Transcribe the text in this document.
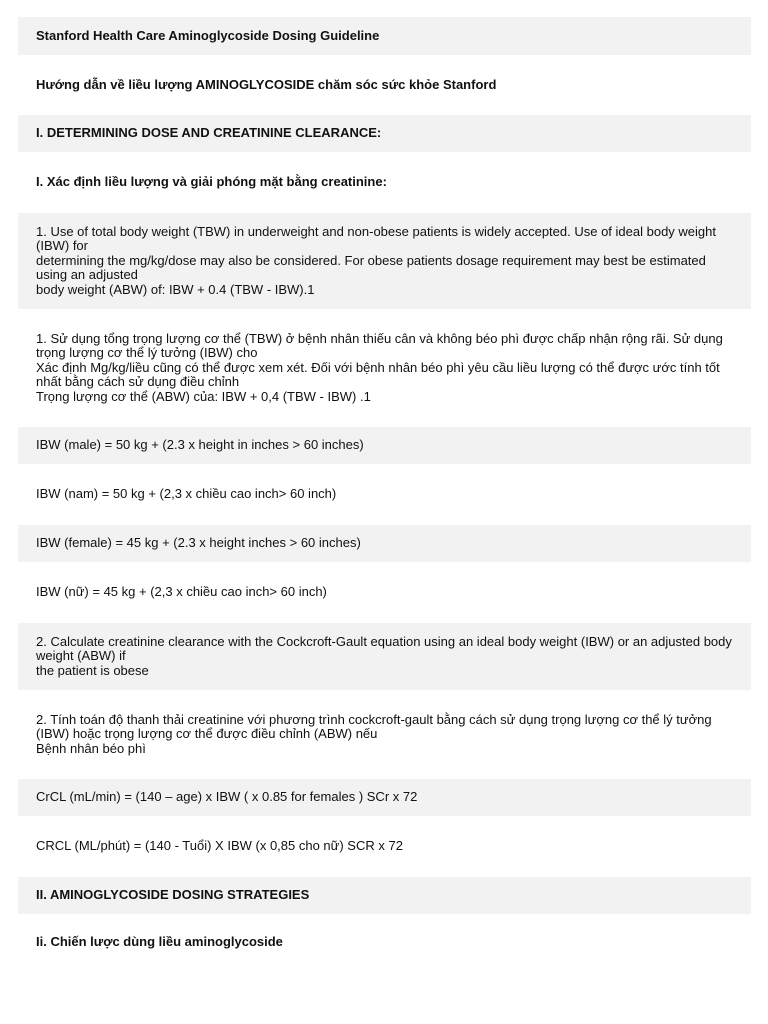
Stanford Health Care Aminoglycoside Dosing Guideline
Hướng dẫn về liều lượng AMINOGLYCOSIDE chăm sóc sức khỏe Stanford
I. DETERMINING DOSE AND CREATININE CLEARANCE:
I. Xác định liều lượng và giải phóng mặt bằng creatinine:
1. Use of total body weight (TBW) in underweight and non-obese patients is widely accepted. Use of ideal body weight (IBW) for
determining the mg/kg/dose may also be considered. For obese patients dosage requirement may best be estimated using an adjusted
body weight (ABW) of: IBW + 0.4 (TBW - IBW).1
1. Sử dụng tổng trọng lượng cơ thể (TBW) ở bệnh nhân thiếu cân và không béo phì được chấp nhận rộng rãi. Sử dụng trọng lượng cơ thể lý tưởng (IBW) cho
Xác định Mg/kg/liều cũng có thể được xem xét. Đối với bệnh nhân béo phì yêu cầu liều lượng có thể được ước tính tốt nhất bằng cách sử dụng điều chỉnh
Trọng lượng cơ thể (ABW) của: IBW + 0,4 (TBW - IBW) .1
IBW (male) = 50 kg + (2.3 x height in inches > 60 inches)
IBW (nam) = 50 kg + (2,3 x chiều cao inch> 60 inch)
IBW (female) = 45 kg + (2.3 x height inches > 60 inches)
IBW (nữ) = 45 kg + (2,3 x chiều cao inch> 60 inch)
2. Calculate creatinine clearance with the Cockcroft-Gault equation using an ideal body weight (IBW) or an adjusted body weight (ABW) if
the patient is obese
2. Tính toán độ thanh thải creatinine với phương trình cockcroft-gault bằng cách sử dụng trọng lượng cơ thể lý tưởng (IBW) hoặc trọng lượng cơ thể được điều chỉnh (ABW) nếu
Bệnh nhân béo phì
CrCL (mL/min) = (140 – age) x IBW ( x 0.85 for females ) SCr x 72
CRCL (ML/phút) = (140 - Tuổi) X IBW (x 0,85 cho nữ) SCR x 72
II. AMINOGLYCOSIDE DOSING STRATEGIES
Ii. Chiến lược dùng liều aminoglycoside
